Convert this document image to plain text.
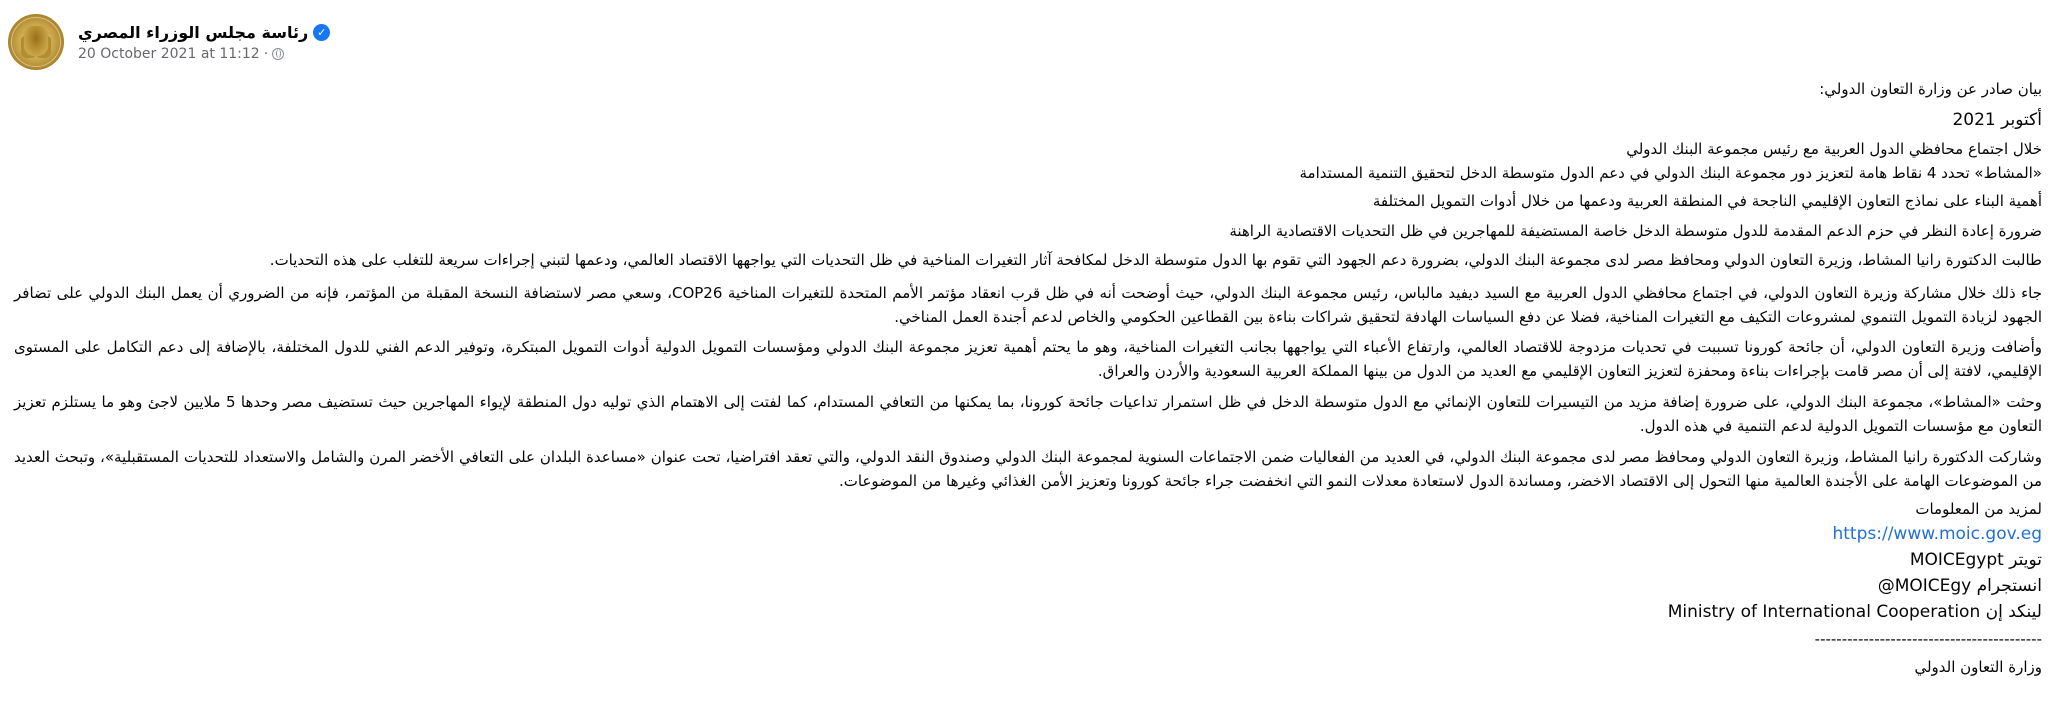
رئاسة مجلس الوزراء المصري ✓
20 October 2021 at 11:12 ·
بيان صادر عن وزارة التعاون الدولي:
أكتوبر 2021
خلال اجتماع محافظي الدول العربية مع رئيس مجموعة البنك الدولي
«المشاط» تحدد 4 نقاط هامة لتعزيز دور مجموعة البنك الدولي في دعم الدول متوسطة الدخل لتحقيق التنمية المستدامة
أهمية البناء على نماذج التعاون الإقليمي الناجحة في المنطقة العربية ودعمها من خلال أدوات التمويل المختلفة
ضرورة إعادة النظر في حزم الدعم المقدمة للدول متوسطة الدخل خاصة المستضيفة للمهاجرين في ظل التحديات الاقتصادية الراهنة
طالبت الدكتورة رانيا المشاط، وزيرة التعاون الدولي ومحافظ مصر لدى مجموعة البنك الدولي، بضرورة دعم الجهود التي تقوم بها الدول متوسطة الدخل لمكافحة آثار التغيرات المناخية في ظل التحديات التي يواجهها الاقتصاد العالمي، ودعمها لتبني إجراءات سريعة للتغلب على هذه التحديات.
جاء ذلك خلال مشاركة وزيرة التعاون الدولي، في اجتماع محافظي الدول العربية مع السيد ديفيد مالباس، رئيس مجموعة البنك الدولي، حيث أوضحت أنه في ظل قرب انعقاد مؤتمر الأمم المتحدة للتغيرات المناخية COP26، وسعي مصر لاستضافة النسخة المقبلة من المؤتمر، فإنه من الضروري أن يعمل البنك الدولي على تضافر الجهود لزيادة التمويل التنموي لمشروعات التكيف مع التغيرات المناخية، فضلا عن دفع السياسات الهادفة لتحقيق شراكات بناءة بين القطاعين الحكومي والخاص لدعم أجندة العمل المناخي.
وأضافت وزيرة التعاون الدولي، أن جائحة كورونا تسببت في تحديات مزدوجة للاقتصاد العالمي، وارتفاع الأعباء التي يواجهها بجانب التغيرات المناخية، وهو ما يحتم أهمية تعزيز مجموعة البنك الدولي ومؤسسات التمويل الدولية أدوات التمويل المبتكرة، وتوفير الدعم الفني للدول المختلفة، بالإضافة إلى دعم التكامل على المستوى الإقليمي، لافتة إلى أن مصر قامت بإجراءات بناءة ومحفزة لتعزيز التعاون الإقليمي مع العديد من الدول من بينها المملكة العربية السعودية والأردن والعراق.
وحثت «المشاط»، مجموعة البنك الدولي، على ضرورة إضافة مزيد من التيسيرات للتعاون الإنمائي مع الدول متوسطة الدخل في ظل استمرار تداعيات جائحة كورونا، بما يمكنها من التعافي المستدام، كما لفتت إلى الاهتمام الذي توليه دول المنطقة لإيواء المهاجرين حيث تستضيف مصر وحدها 5 ملايين لاجئ وهو ما يستلزم تعزيز التعاون مع مؤسسات التمويل الدولية لدعم التنمية في هذه الدول.
وشاركت الدكتورة رانيا المشاط، وزيرة التعاون الدولي ومحافظ مصر لدى مجموعة البنك الدولي، في العديد من الفعاليات ضمن الاجتماعات السنوية لمجموعة البنك الدولي وصندوق النقد الدولي، والتي تعقد افتراضيا، تحت عنوان «مساعدة البلدان على التعافي الأخضر المرن والشامل والاستعداد للتحديات المستقبلية»، وتبحث العديد من الموضوعات الهامة على الأجندة العالمية منها التحول إلى الاقتصاد الاخضر، ومساندة الدول لاستعادة معدلات النمو التي انخفضت جراء جائحة كورونا وتعزيز الأمن الغذائي وغيرها من الموضوعات.
لمزيد من المعلومات
https://www.moic.gov.eg
تويتر MOICEgypt
انستجرام MOICEgy@
لينكد إن Ministry of International Cooperation
------------------------------------------
وزارة التعاون الدولي
